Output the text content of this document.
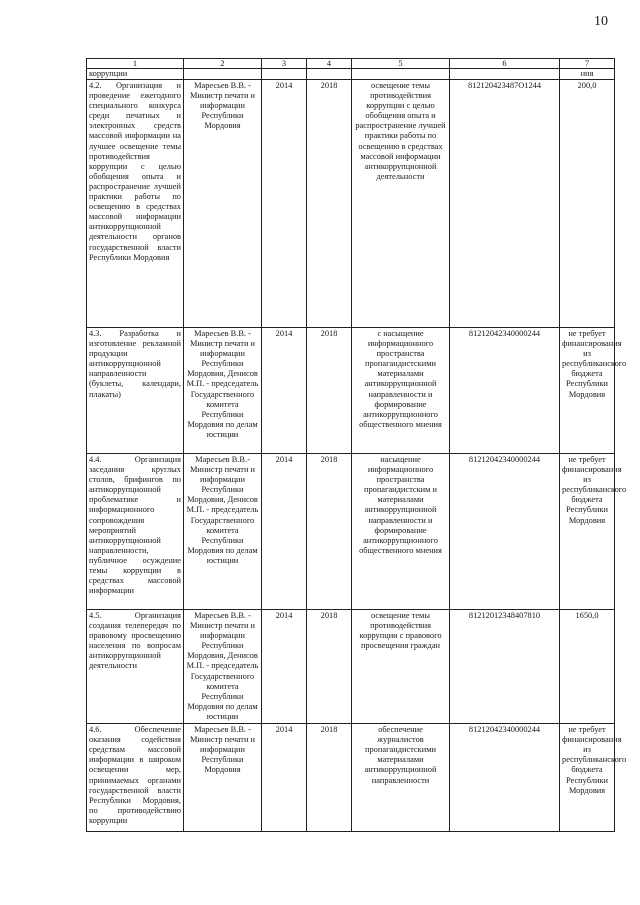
10
1	2	3	4	5	6	7
коррупции						ния
4.2. Организация и проведение ежегодного специального конкурса среди печатных и электронных средств массовой информации на лучшее освещение темы противодействия коррупции с целью обобщения опыта и распространение лучшей практики работы по освещению в средствах массовой информации антикоррупционной деятельности органов государственной власти Республики Мордовия	Маресьев В.В. - Министр печати и информации Республики Мордовия	2014	2018	освещение темы противодействия коррупции с целью обобщения опыта и распространение лучшей практики работы по освещению в средствах массовой информации антикоррупционной деятельности	812120423487О1244	200,0
4.3. Разработка и изготовление рекламной продукции антикоррупционной направленности (буклеты, календари, плакаты)	Маресьев В.В. - Министр печати и информации Республики Мордовия, Денисов М.П. - председатель Государственного комитета Республики Мордовия по делам юстиции	2014	2018	с насыщение информационного пространства пропагандистскими материалами антикоррупционной направленности и формирование антикоррупционного общественного мнения	81212042340000244	не требует финансирования из республиканского бюджета Республики Мордовия
4.4. Организация заседания круглых столов, брифингов по антикоррупционной проблематике и информационного сопровождения мероприятий антикоррупционной направленности, публичное осуждение темы коррупции в средствах массовой информации	Маресьев В.В.- Министр печати и информации Республики Мордовия, Денисов М.П. - председатель Государственного комитета Республики Мордовия по делам юстиции	2014	2018	насыщение информационного пространства пропагандистским и материалами антикоррупционной направленности и формирование антикоррупционного общественного мнения	81212042340000244	не требует финансирования из республиканского бюджета Республики Мордовия
4.5. Организация создания телепередач по правовому просвещению населения по вопросам антикоррупционной деятельности	Маресьев В.В. - Министр печати и информации Республики Мордовия, Денисов М.П. - председатель Государственного комитета Республики Мордовия по делам юстиции	2014	2018	освещение темы противодействия коррупции с правового просвещения граждан	81212012348407810	1650,0
4.6. Обеспечение оказания содействия средствам массовой информации в широком освещении мер, принимаемых органами государственной власти Республики Мордовия, по противодействию коррупции	Маресьев В.В. - Министр печати и информации Республики Мордовия	2014	2018	обеспечение журналистов пропагандистскими материалами антикоррупционной направленности	81212042340000244	не требует финансирования из республиканского бюджета Республики Мордовия
